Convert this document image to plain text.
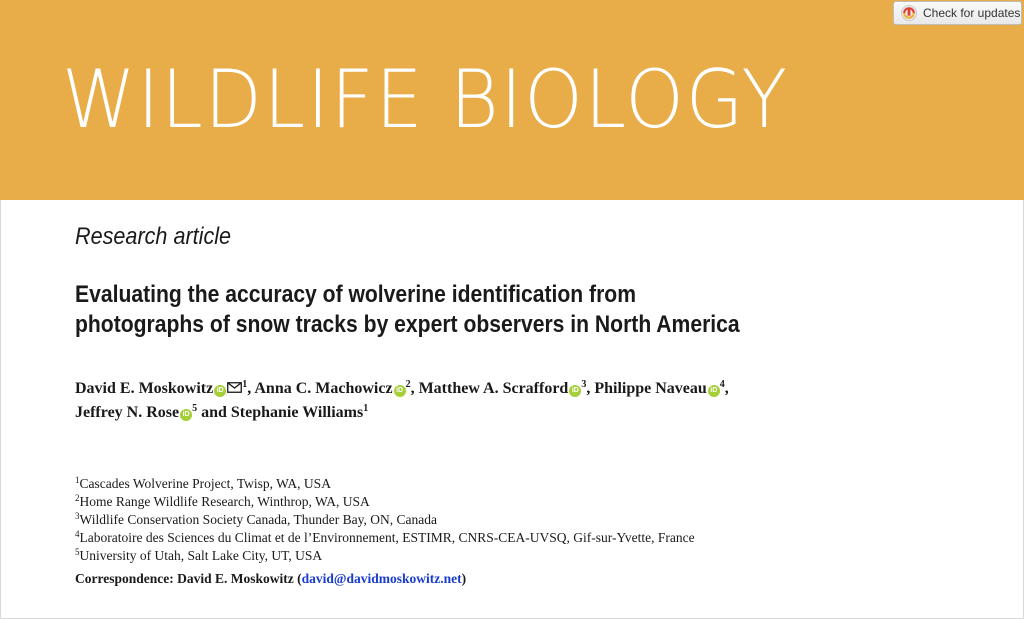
WILDLIFE BIOLOGY
Check for updates
Research article
Evaluating the accuracy of wolverine identification from
photographs of snow tracks by expert observers in North America
David E. Moskowitz $iD^1$, Anna C. Machowicz $iD^2$, Matthew A. Scrafford $iD^3$, Philippe Naveau $iD^4$,
Jeffrey N. Rose $iD^5$ and Stephanie Williams$^1$
$^1$Cascades Wolverine Project, Twisp, WA, USA
$^2$Home Range Wildlife Research, Winthrop, WA, USA
$^3$Wildlife Conservation Society Canada, Thunder Bay, ON, Canada
$^4$Laboratoire des Sciences du Climat et de l’Environnement, ESTIMR, CNRS-CEA-UVSQ, Gif-sur-Yvette, France
$^5$University of Utah, Salt Lake City, UT, USA
Correspondence: David E. Moskowitz (david@davidmoskowitz.net)
